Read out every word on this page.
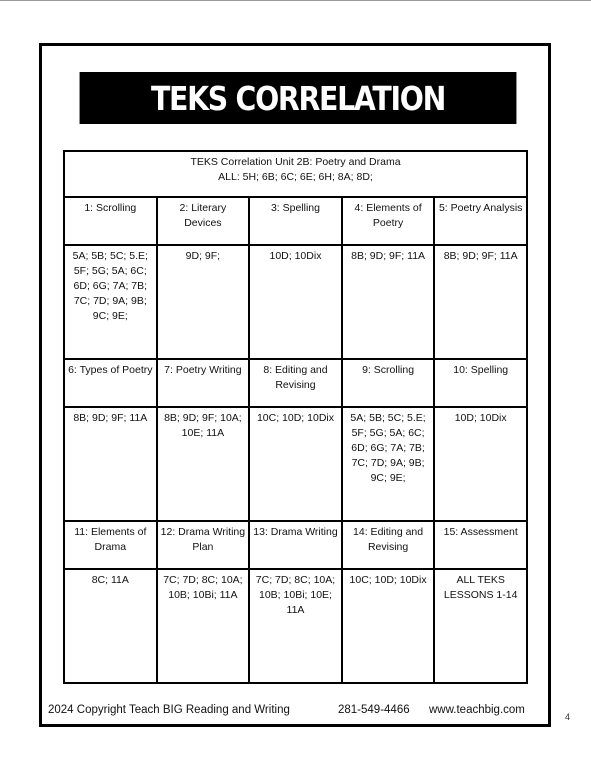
TEKS CORRELATION
TEKS Correlation Unit 2B: Poetry and Drama
ALL: 5H; 6B; 6C; 6E; 6H; 8A; 8D;				

1: Scrolling	2: Literary Devices	3: Spelling	4: Elements of Poetry	5: Poetry Analysis
5A; 5B; 5C; 5.E; 5F; 5G; 5A; 6C; 6D; 6G; 7A; 7B; 7C; 7D; 9A; 9B; 9C; 9E;	9D; 9F;	10D; 10Dix	8B; 9D; 9F; 11A	8B; 9D; 9F; 11A
6: Types of Poetry	7: Poetry Writing	8: Editing and Revising	9: Scrolling	10: Spelling
8B; 9D; 9F; 11A	8B; 9D; 9F; 10A; 10E; 11A	10C; 10D; 10Dix	5A; 5B; 5C; 5.E; 5F; 5G; 5A; 6C; 6D; 6G; 7A; 7B; 7C; 7D; 9A; 9B; 9C; 9E;	10D; 10Dix
11: Elements of Drama	12: Drama Writing Plan	13: Drama Writing	14: Editing and Revising	15: Assessment
8C; 11A	7C; 7D; 8C; 10A; 10B; 10Bi; 11A	7C; 7D; 8C; 10A; 10B; 10Bi; 10E; 11A	10C; 10D; 10Dix	ALL TEKS LESSONS 1-14
2024 Copyright Teach BIG Reading and Writing	281-549-4466 www.teachbig.com
4
